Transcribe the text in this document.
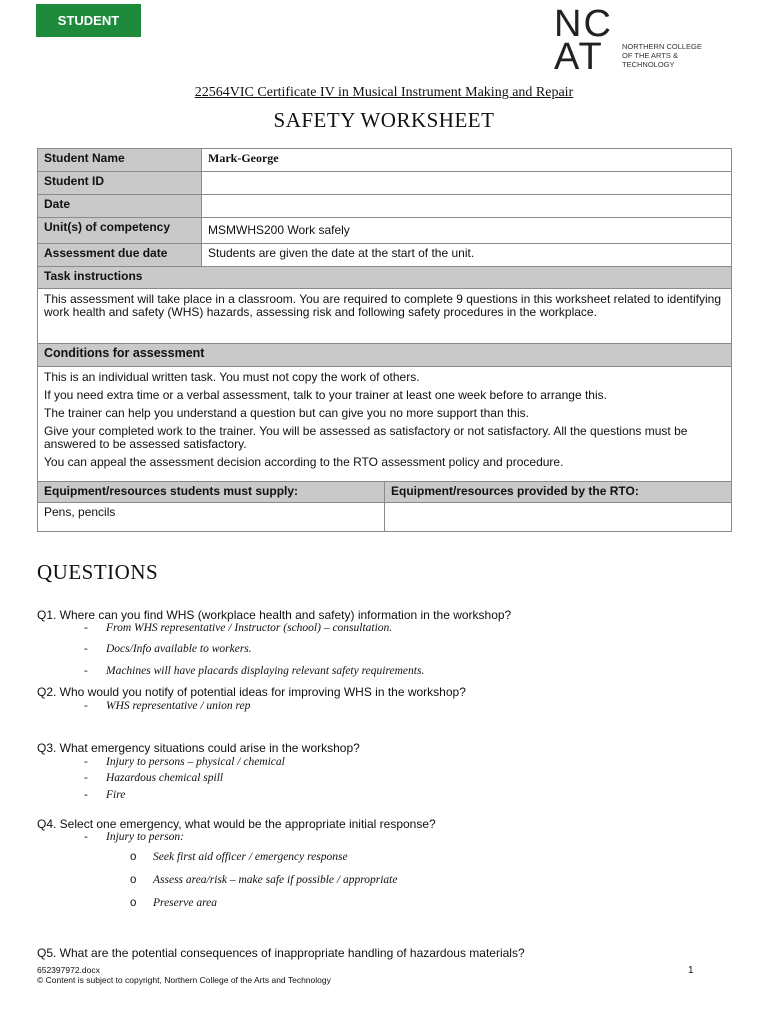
STUDENT	NC
AT	NORTHERN COLLEGE
OF THE ARTS &
TECHNOLOGY
22564VIC Certificate IV in Musical Instrument Making and Repair
SAFETY WORKSHEET
Student Name	Mark-George	
Student ID		
Date		
Unit(s) of competency	MSMWHS200 Work safely	
Assessment due date	Students are given the date at the start of the unit.	
Task instructions		
This assessment will take place in a classroom. You are required to complete 9 questions in this worksheet related to identifying work health and safety (WHS) hazards, assessing risk and following safety procedures in the workplace.		
Conditions for assessment		

This is an individual written task. You must not copy the work of others.

If you need extra time or a verbal assessment, talk to your trainer at least one week before to arrange this.

The trainer can help you understand a question but can give you no more support than this.

Give your completed work to the trainer. You will be assessed as satisfactory or not satisfactory. All the questions must be answered to be assessed satisfactory.

You can appeal the assessment decision according to the RTO assessment policy and procedure.		

Equipment/resources students must supply:		Equipment/resources provided by the RTO:
Pens, pencils		
QUESTIONS
Q1. Where can you find WHS (workplace health and safety) information in the workshop?
- From WHS representative / Instructor (school) – consultation.
- Docs/Info available to workers.
- Machines will have placards displaying relevant safety requirements.
Q2. Who would you notify of potential ideas for improving WHS in the workshop?
- WHS representative / union rep
Q3. What emergency situations could arise in the workshop?
- Injury to persons – physical / chemical
- Hazardous chemical spill
- Fire
Q4. Select one emergency, what would be the appropriate initial response?
- Injury to person:
o Seek first aid officer / emergency response
o Assess area/risk – make safe if possible / appropriate
o Preserve area
Q5. What are the potential consequences of inappropriate handling of hazardous materials?
652397972.docx
© Content is subject to copyright, Northern College of the Arts and Technology
1
